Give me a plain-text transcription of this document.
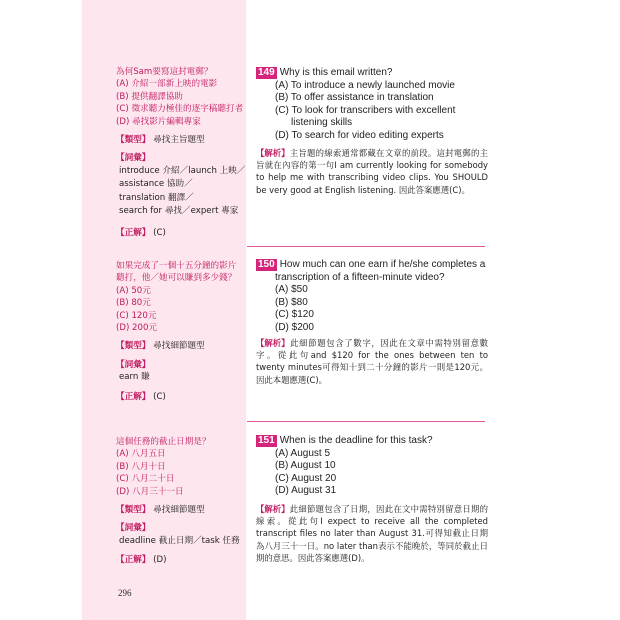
為何Sam要寫這封電郵？
(A) 介紹一部新上映的電影
(B) 提供翻譯協助
(C) 徵求聽力極佳的逐字稿聽打者
(D) 尋找影片編輯專家
【類型】 尋找主旨題型
【詞彙】
introduce 介紹／launch 上映／
assistance 協助／
translation 翻譯／
search for 尋找／expert 專家
【正解】 (C)
149 Why is this email written?
(A) To introduce a newly launched movie
(B) To offer assistance in translation
(C) To look for transcribers with excellent
listening skills
(D) To search for video editing experts
【解析】主旨題的線索通常都藏在文章的前段。這封電郵的主旨就在內容的第一句I am currently looking for somebody to help me with transcribing video clips. You SHOULD be very good at English listening. 因此答案應選(C)。
如果完成了一個十五分鐘的影片
聽打，他／她可以賺到多少錢？
(A) 50元
(B) 80元
(C) 120元
(D) 200元
【類型】 尋找細節題型
【詞彙】
earn 賺
【正解】 (C)
150 How much can one earn if he/she completes a
transcription of a fifteen-minute video?
(A) $50
(B) $80
(C) $120
(D) $200
【解析】此細節題包含了數字，因此在文章中需特別留意數字。從此句and $120 for the ones between ten to twenty minutes可得知十到二十分鐘的影片一則是120元。因此本題應選(C)。
這個任務的截止日期是？
(A) 八月五日
(B) 八月十日
(C) 八月二十日
(D) 八月三十一日
【類型】 尋找細節題型
【詞彙】
deadline 截止日期／task 任務
【正解】 (D)
151 When is the deadline for this task?
(A) August 5
(B) August 10
(C) August 20
(D) August 31
【解析】此細節題包含了日期，因此在文中需特別留意日期的線索。從此句I expect to receive all the completed transcript files no later than August 31.可得知截止日期為八月三十一日。no later than表示不能晚於，等同於截止日期的意思。因此答案應選(D)。
296
